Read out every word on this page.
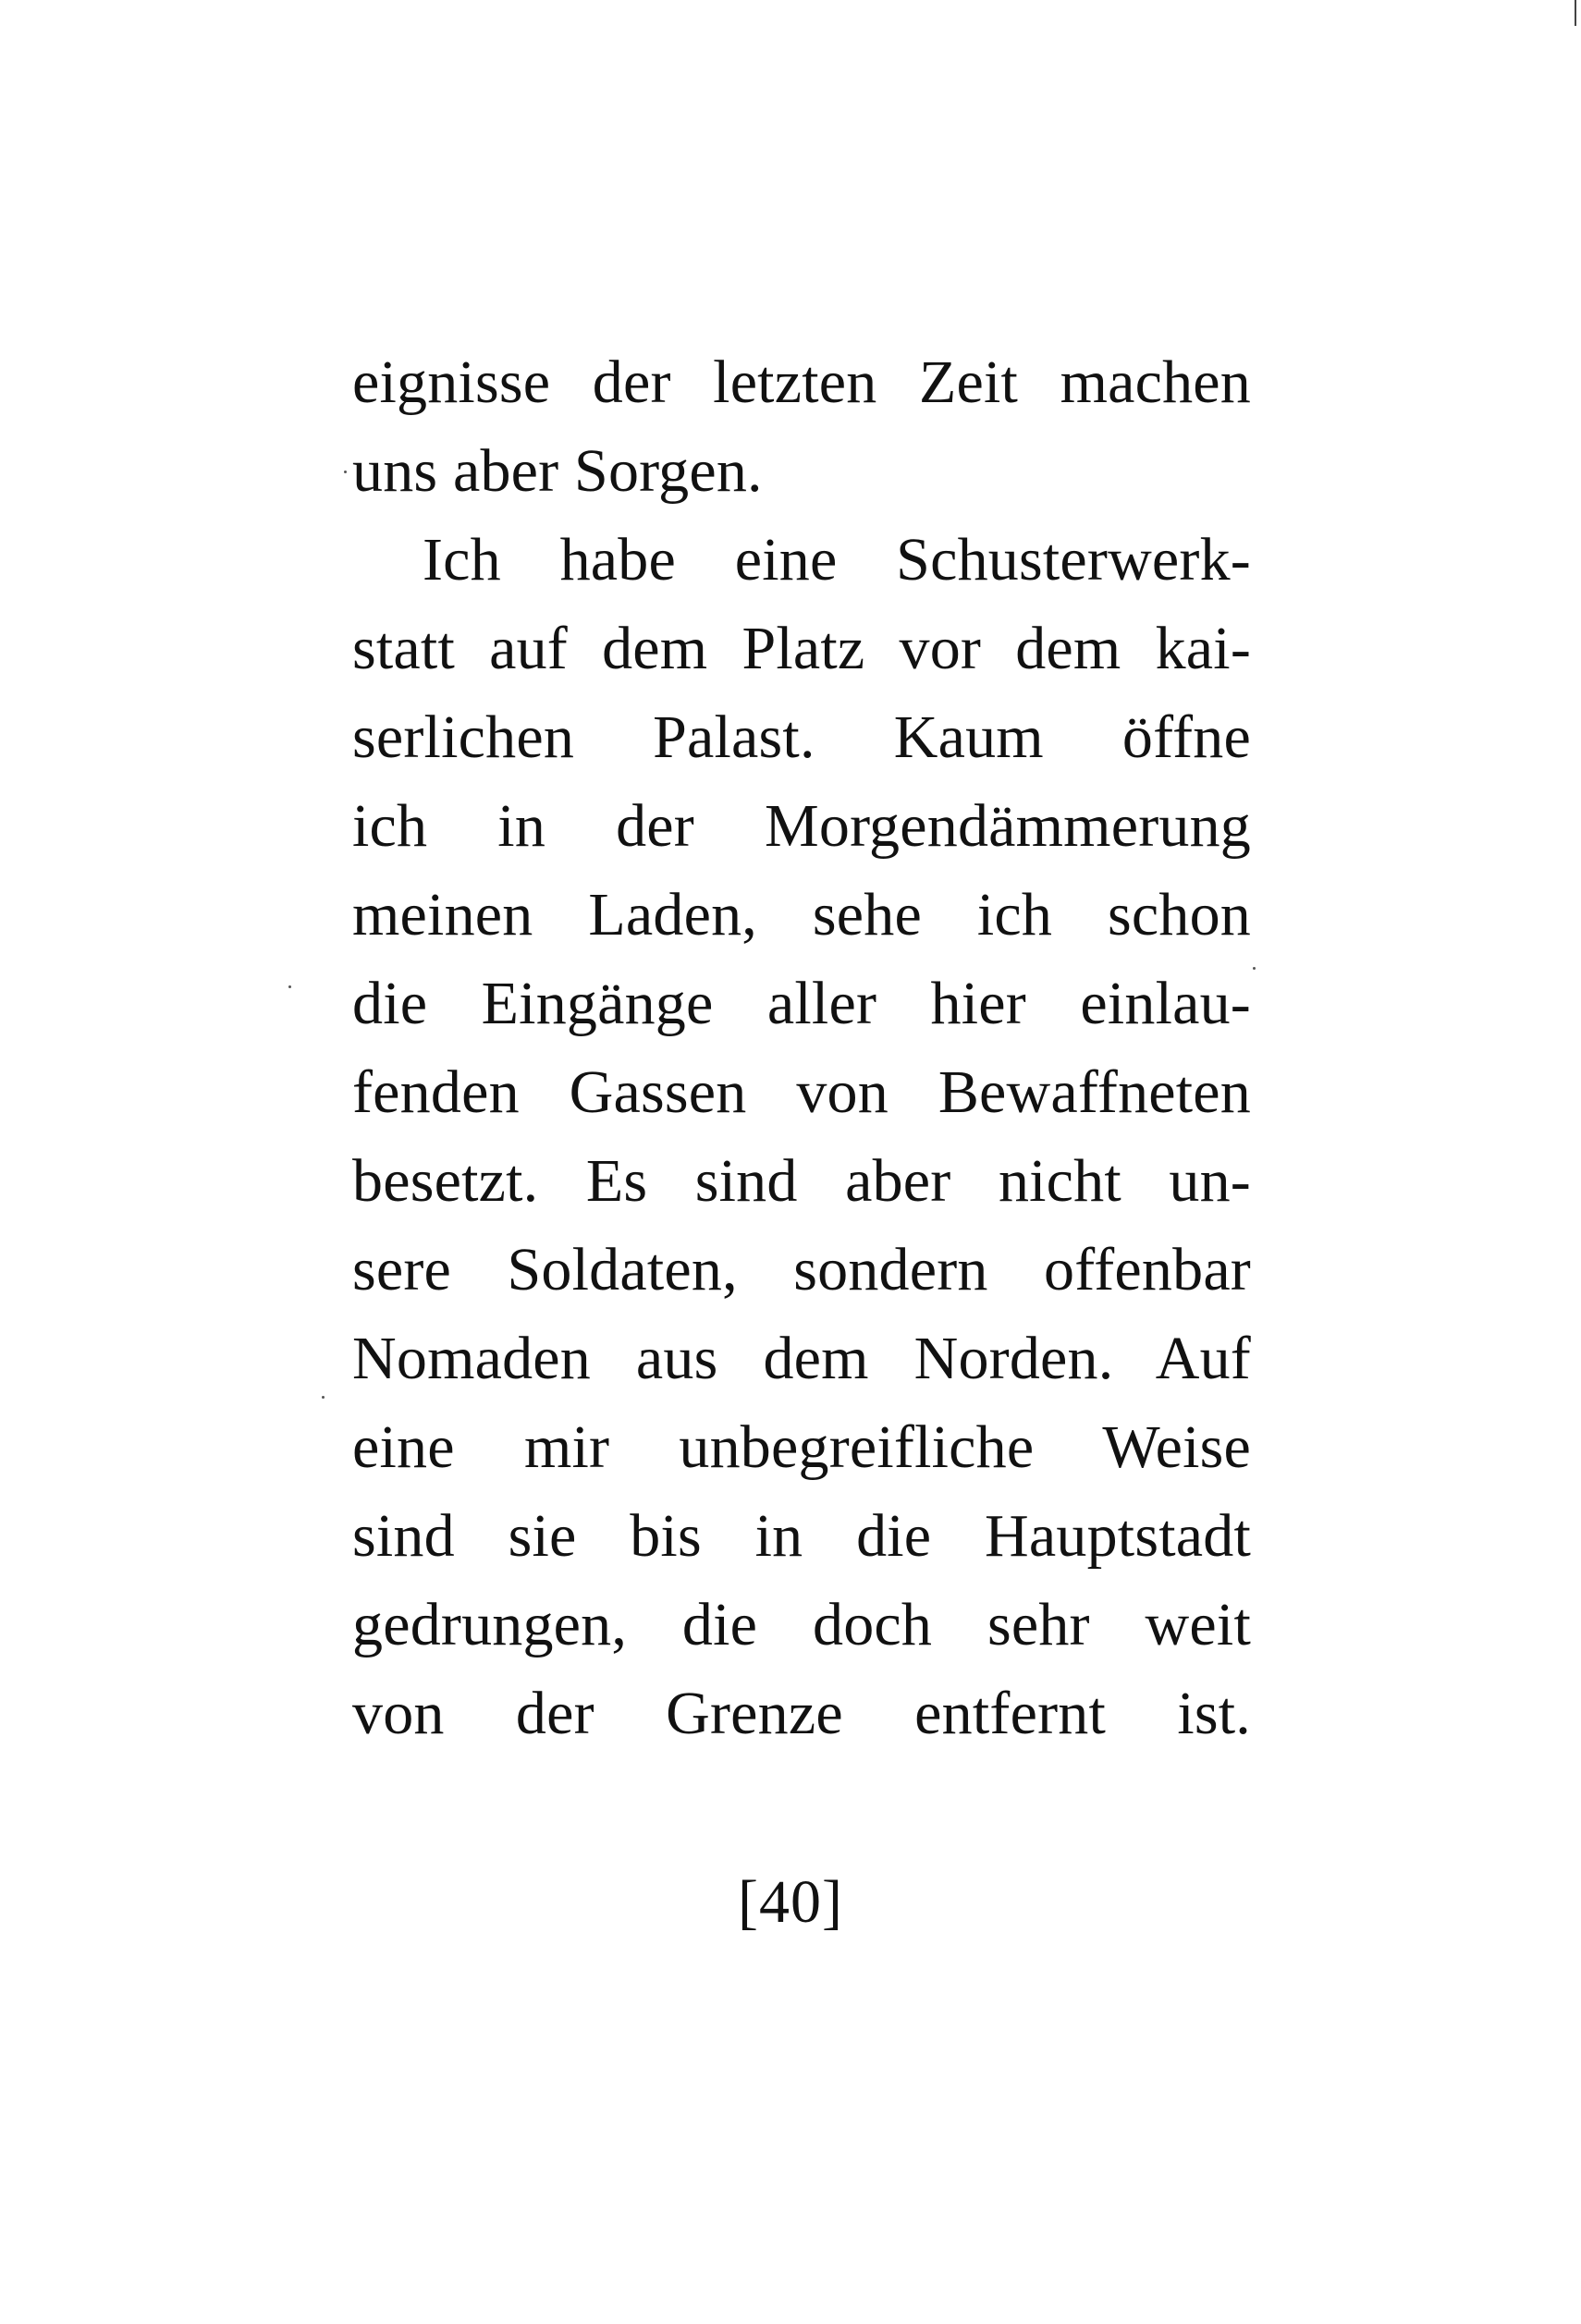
eignisse der letzten Zeit machen
uns aber Sorgen.
Ich habe eine Schusterwerk-
statt auf dem Platz vor dem kai-
serlichen Palast. Kaum öffne
ich in der Morgendämmerung
meinen Laden, sehe ich schon
die Eingänge aller hier einlau-
fenden Gassen von Bewaffneten
besetzt. Es sind aber nicht un-
sere Soldaten, sondern offenbar
Nomaden aus dem Norden. Auf
eine mir unbegreifliche Weise
sind sie bis in die Hauptstadt
gedrungen, die doch sehr weit
von der Grenze entfernt ist.
[40]
